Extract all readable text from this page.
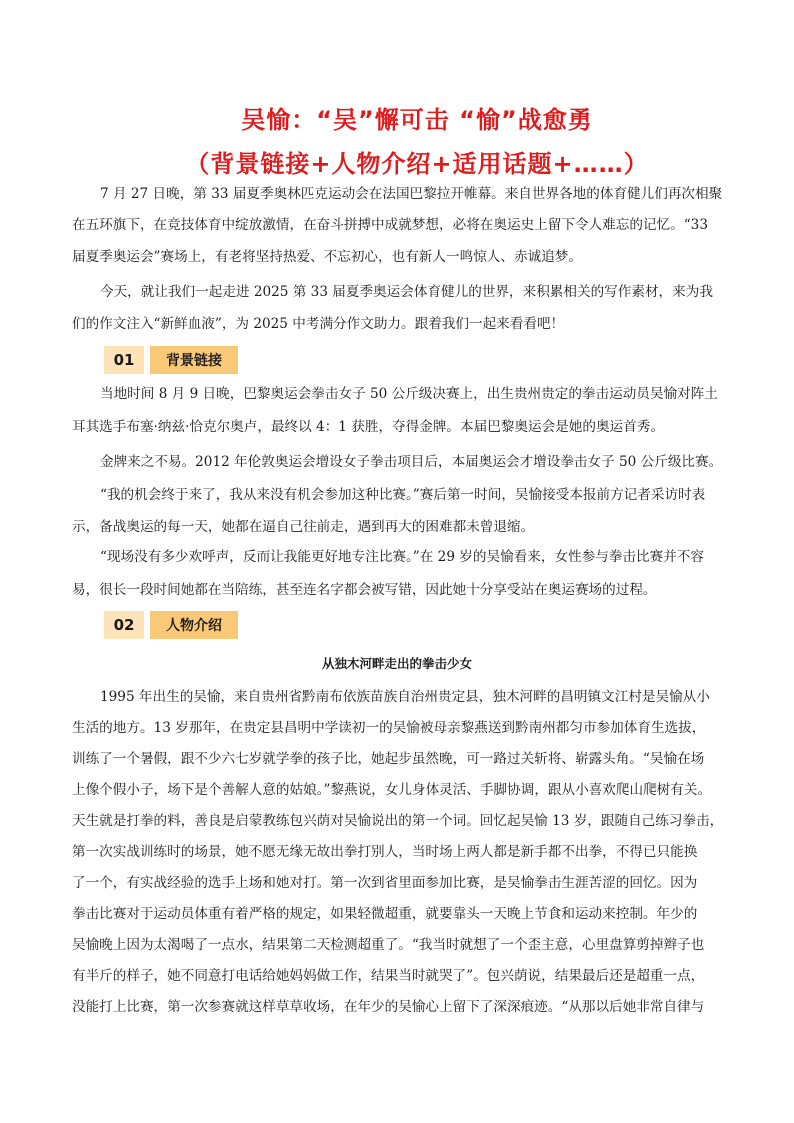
吴愉：“吴”懈可击 “愉”战愈勇
（背景链接+人物介绍+适用话题+……）
7 月 27 日晚，第 33 届夏季奥林匹克运动会在法国巴黎拉开帷幕。来自世界各地的体育健儿们再次相聚
在五环旗下，在竞技体育中绽放激情，在奋斗拼搏中成就梦想，必将在奥运史上留下令人难忘的记忆。“33
届夏季奥运会”赛场上，有老将坚持热爱、不忘初心，也有新人一鸣惊人、赤诚追梦。
今天，就让我们一起走进 2025 第 33 届夏季奥运会体育健儿的世界，来积累相关的写作素材，来为我
们的作文注入“新鲜血液”，为 2025 中考满分作文助力。跟着我们一起来看看吧！
01	背景链接
当地时间 8 月 9 日晚，巴黎奥运会拳击女子 50 公斤级决赛上，出生贵州贵定的拳击运动员吴愉对阵土
耳其选手布塞·纳兹·恰克尔奥卢，最终以 4：1 获胜，夺得金牌。本届巴黎奥运会是她的奥运首秀。
金牌来之不易。2012 年伦敦奥运会增设女子拳击项目后，本届奥运会才增设拳击女子 50 公斤级比赛。
“我的机会终于来了，我从来没有机会参加这种比赛。”赛后第一时间，吴愉接受本报前方记者采访时表
示，备战奥运的每一天，她都在逼自己往前走，遇到再大的困难都未曾退缩。
“现场没有多少欢呼声，反而让我能更好地专注比赛。”在 29 岁的吴愉看来，女性参与拳击比赛并不容
易，很长一段时间她都在当陪练，甚至连名字都会被写错，因此她十分享受站在奥运赛场的过程。
02	人物介绍
从独木河畔走出的拳击少女
1995 年出生的吴愉，来自贵州省黔南布依族苗族自治州贵定县，独木河畔的昌明镇文江村是吴愉从小
生活的地方。13 岁那年，在贵定县昌明中学读初一的吴愉被母亲黎燕送到黔南州都匀市参加体育生选拔，
训练了一个暑假，跟不少六七岁就学拳的孩子比，她起步虽然晚，可一路过关斩将、崭露头角。“吴愉在场
上像个假小子，场下是个善解人意的姑娘。”黎燕说，女儿身体灵活、手脚协调，跟从小喜欢爬山爬树有关。
天生就是打拳的料，善良是启蒙教练包兴荫对吴愉说出的第一个词。回忆起吴愉 13 岁，跟随自己练习拳击，
第一次实战训练时的场景，她不愿无缘无故出拳打别人，当时场上两人都是新手都不出拳，不得已只能换
了一个，有实战经验的选手上场和她对打。第一次到省里面参加比赛，是吴愉拳击生涯苦涩的回忆。因为
拳击比赛对于运动员体重有着严格的规定，如果轻微超重，就要靠头一天晚上节食和运动来控制。年少的
吴愉晚上因为太渴喝了一点水，结果第二天检测超重了。“我当时就想了一个歪主意，心里盘算剪掉辫子也
有半斤的样子，她不同意打电话给她妈妈做工作，结果当时就哭了”。包兴荫说，结果最后还是超重一点，
没能打上比赛，第一次参赛就这样草草收场，在年少的吴愉心上留下了深深痕迹。“从那以后她非常自律与
